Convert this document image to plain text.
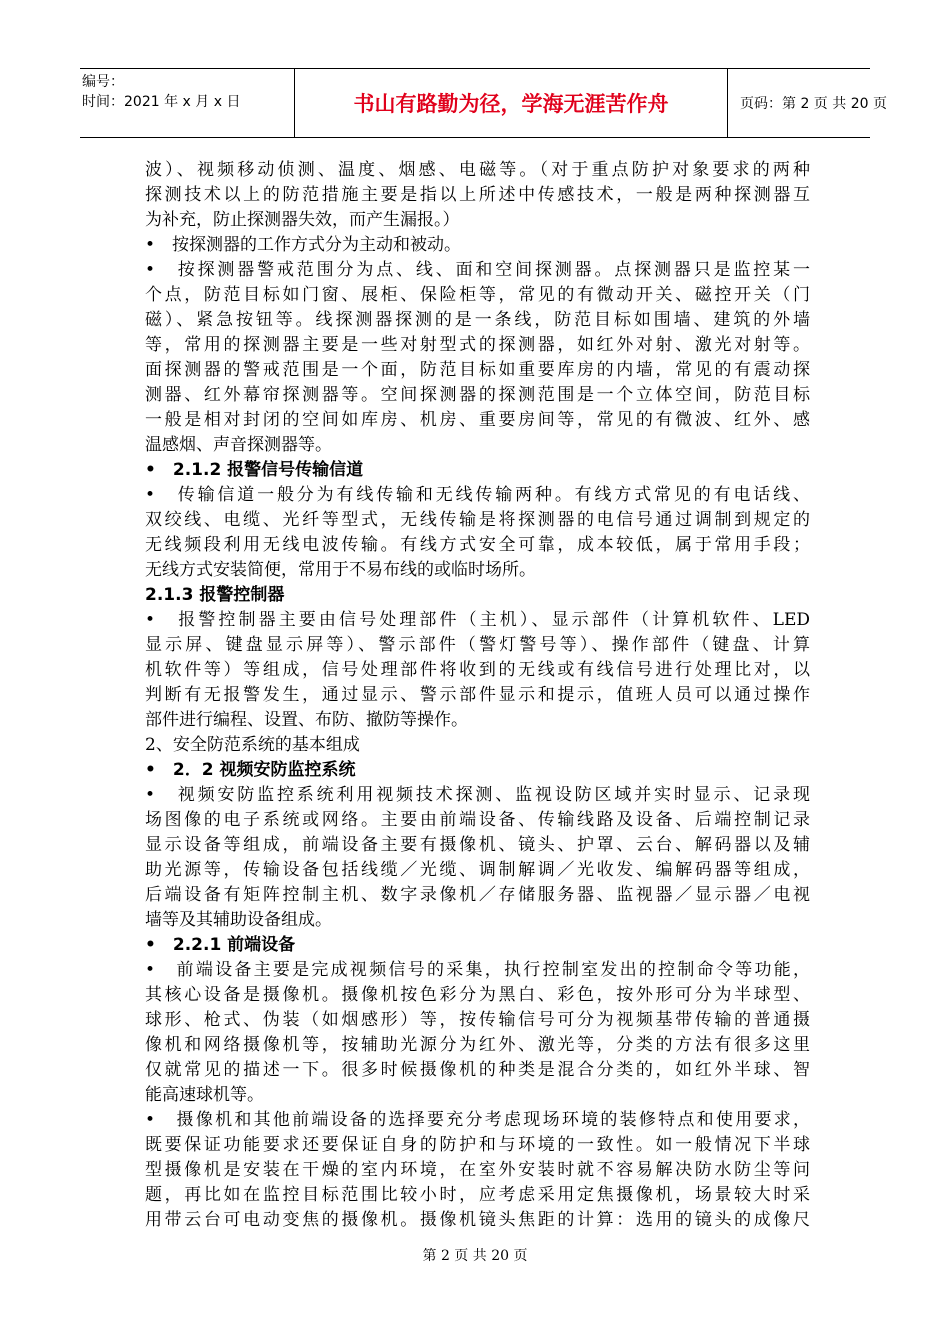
编号：
时间：2021 年 x 月 x 日	书山有路勤为径，学海无涯苦作舟	页码：第 2 页 共 20 页
波）、视频移动侦测、温度、烟感、电磁等。（对于重点防护对象要求的两种
探测技术以上的防范措施主要是指以上所述中传感技术，一般是两种探测器互
为补充，防止探测器失效，而产生漏报。）
•　按探测器的工作方式分为主动和被动。
•　按探测器警戒范围分为点、线、面和空间探测器。点探测器只是监控某一
个点，防范目标如门窗、展柜、保险柜等，常见的有微动开关、磁控开关（门
磁）、紧急按钮等。线探测器探测的是一条线，防范目标如围墙、建筑的外墙
等，常用的探测器主要是一些对射型式的探测器，如红外对射、激光对射等。
面探测器的警戒范围是一个面，防范目标如重要库房的内墙，常见的有震动探
测器、红外幕帘探测器等。空间探测器的探测范围是一个立体空间，防范目标
一般是相对封闭的空间如库房、机房、重要房间等，常见的有微波、红外、感
温感烟、声音探测器等。
•　2.1.2 报警信号传输信道
•　传输信道一般分为有线传输和无线传输两种。有线方式常见的有电话线、
双绞线、电缆、光纤等型式，无线传输是将探测器的电信号通过调制到规定的
无线频段利用无线电波传输。有线方式安全可靠，成本较低，属于常用手段；
无线方式安装简便，常用于不易布线的或临时场所。
2.1.3 报警控制器
•　报警控制器主要由信号处理部件（主机）、显示部件（计算机软件、LED
显示屏、键盘显示屏等）、警示部件（警灯警号等）、操作部件（键盘、计算
机软件等）等组成，信号处理部件将收到的无线或有线信号进行处理比对，以
判断有无报警发生，通过显示、警示部件显示和提示，值班人员可以通过操作
部件进行编程、设置、布防、撤防等操作。
2、安全防范系统的基本组成
•　2．2 视频安防监控系统
•　视频安防监控系统利用视频技术探测、监视设防区域并实时显示、记录现
场图像的电子系统或网络。主要由前端设备、传输线路及设备、后端控制记录
显示设备等组成，前端设备主要有摄像机、镜头、护罩、云台、解码器以及辅
助光源等，传输设备包括线缆／光缆、调制解调／光收发、编解码器等组成，
后端设备有矩阵控制主机、数字录像机／存储服务器、监视器／显示器／电视
墙等及其辅助设备组成。
•　2.2.1 前端设备
•　前端设备主要是完成视频信号的采集，执行控制室发出的控制命令等功能，
其核心设备是摄像机。摄像机按色彩分为黑白、彩色，按外形可分为半球型、
球形、枪式、伪装（如烟感形）等，按传输信号可分为视频基带传输的普通摄
像机和网络摄像机等，按辅助光源分为红外、激光等，分类的方法有很多这里
仅就常见的描述一下。很多时候摄像机的种类是混合分类的，如红外半球、智
能高速球机等。
•　摄像机和其他前端设备的选择要充分考虑现场环境的装修特点和使用要求，
既要保证功能要求还要保证自身的防护和与环境的一致性。如一般情况下半球
型摄像机是安装在干燥的室内环境，在室外安装时就不容易解决防水防尘等问
题，再比如在监控目标范围比较小时，应考虑采用定焦摄像机，场景较大时采
用带云台可电动变焦的摄像机。摄像机镜头焦距的计算：选用的镜头的成像尺
第 2 页 共 20 页
